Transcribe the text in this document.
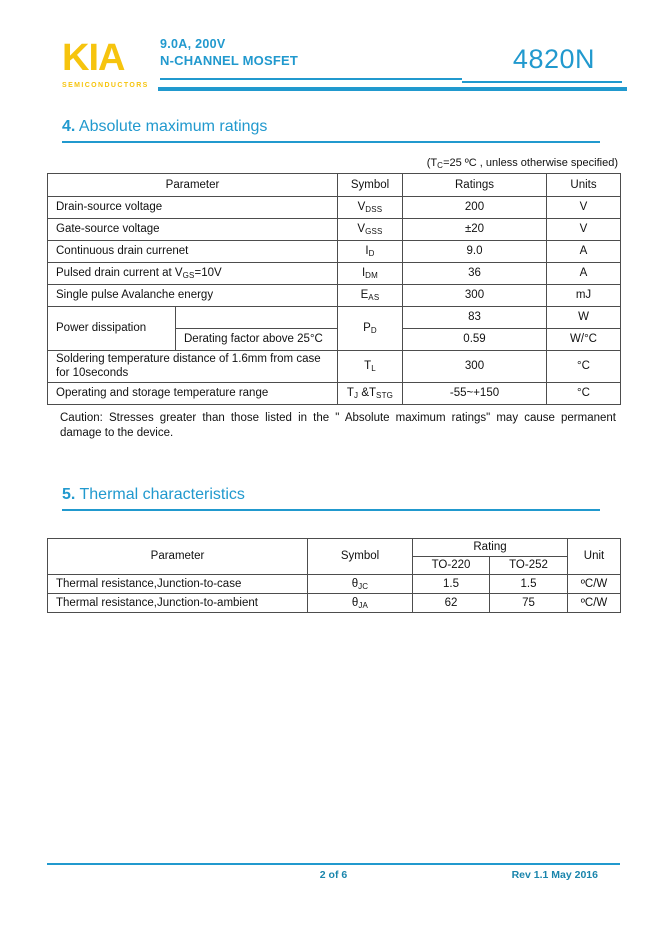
KIA
SEMICONDUCTORS
9.0A, 200V
N-CHANNEL MOSFET	4820N
4. Absolute maximum ratings
($T_C=25$ ºC , unless otherwise specified)
Parameter		Symbol	Ratings	Units
Drain-source voltage		$V_{DSS}$	200	V
Gate-source voltage		$V_{GSS}$	±20	V
Continuous drain currenet		$I_D$	9.0	A
Pulsed drain current at $V_{GS}=10V$		$I_{DM}$	36	A
Single pulse Avalanche energy		$E_{AS}$	300	mJ
Power dissipation		$P_D$	83	W
	Derating factor above 25°C		0.59	W/°C
Soldering temperature distance of 1.6mm from case for 10seconds		$T_L$	300	°C
Operating and storage temperature range		$T_J$ $\&T_{STG}$	-55~+150	°C

Caution: Stresses greater than those listed in the " Absolute maximum ratings" may cause permanent damage to the device.

5. Thermal characteristics
Parameter	Symbol	Rating		Unit
		TO-220	TO-252	
Thermal resistance,Junction-to-case	$\theta_{JC}$	1.5	1.5	ºC/W
Thermal resistance,Junction-to-ambient	$\theta_{JA}$	62	75	ºC/W
2 of 6	Rev 1.1 May 2016
